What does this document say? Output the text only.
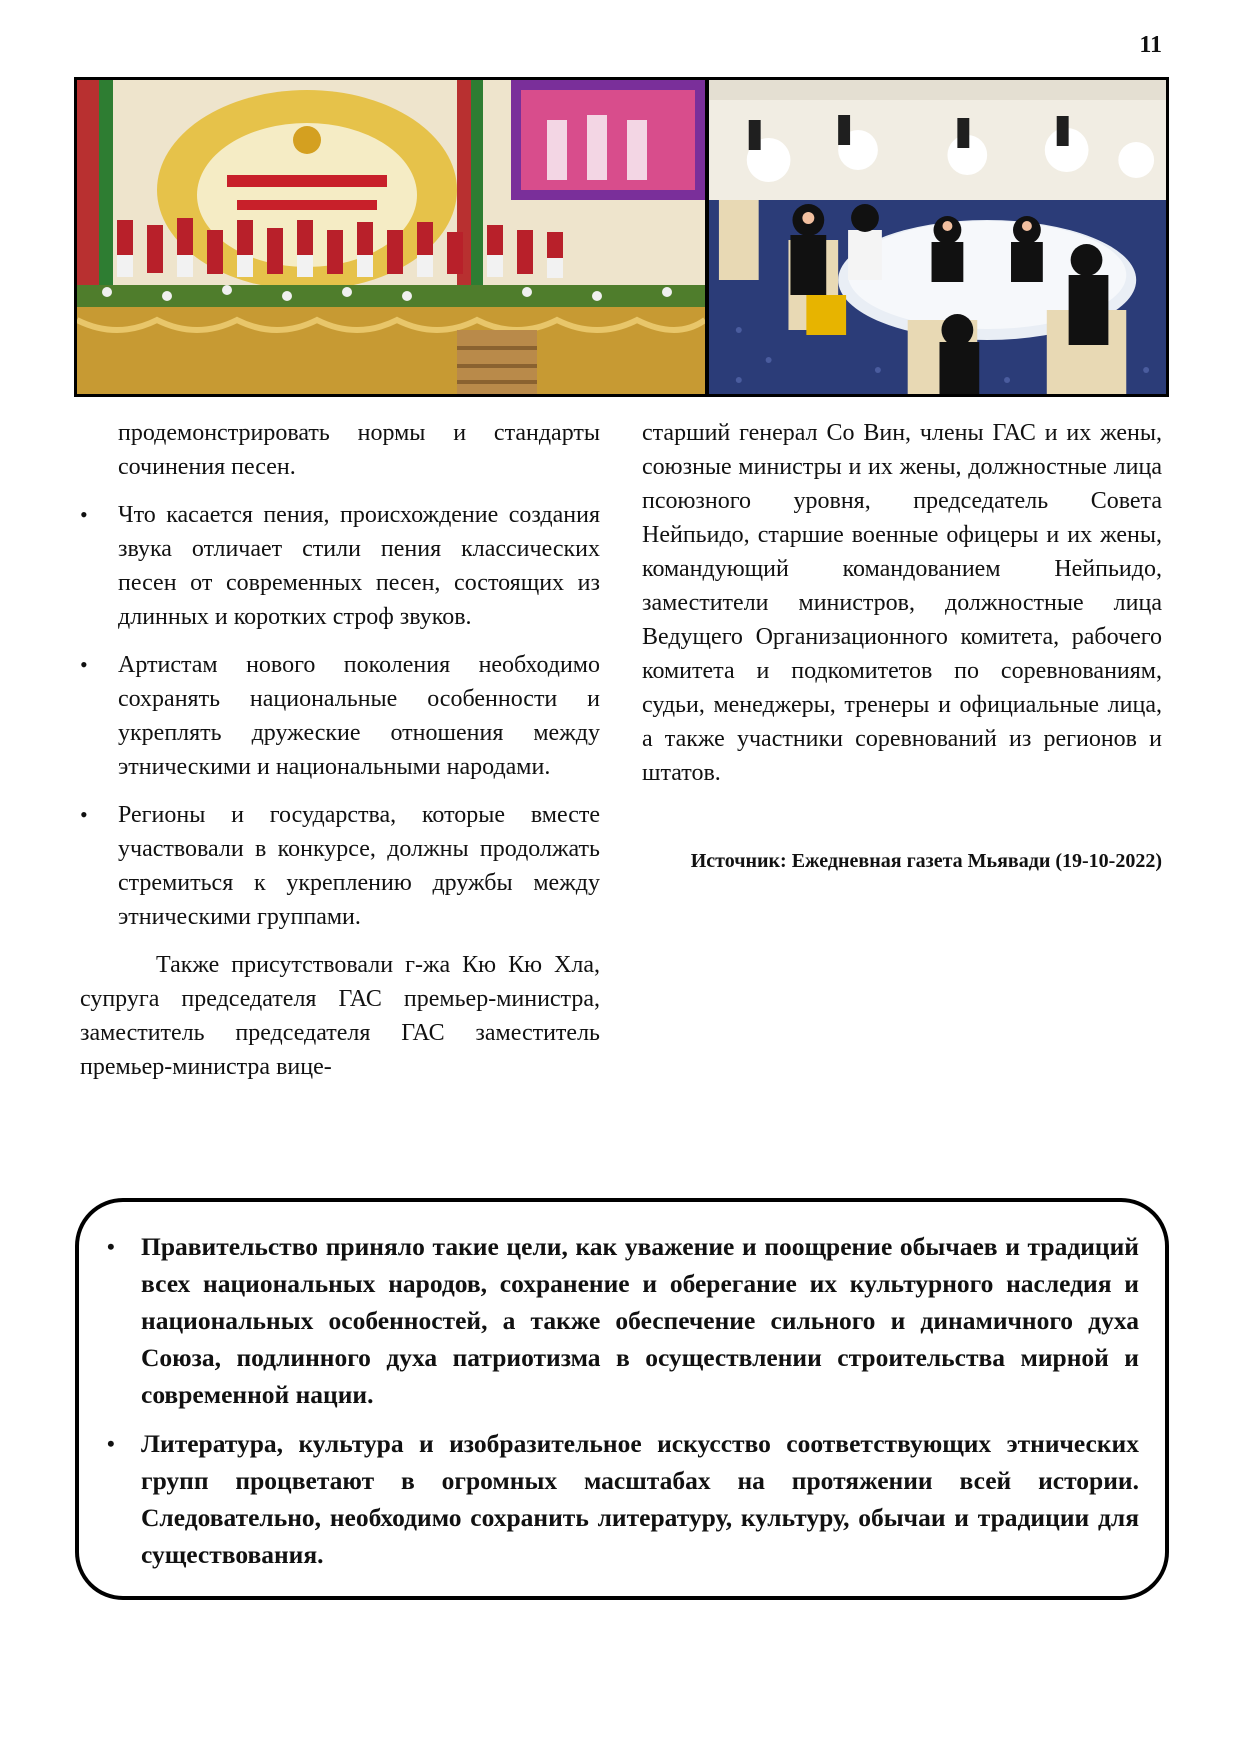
11

продемонстрировать нормы и стандарты сочинения песен.

• Что касается пения, происхождение создания звука отличает стили пения классических песен от современных песен, состоящих из длинных и коротких строф звуков.
• Артистам нового поколения необходимо сохранять национальные особенности и укреплять дружеские отношения между этническими и национальными народами.
• Регионы и государства, которые вместе участвовали в конкурсе, должны продолжать стремиться к укреплению дружбы между этническими группами.

Также присутствовали г-жа Кю Кю Хла, супруга председателя ГАС премьер-министра, заместитель председателя ГАС заместитель премьер-министра вице-

старший генерал Со Вин, члены ГАС и их жены, союзные министры и их жены, должностные лица псоюзного уровня, председатель Совета Нейпьидо, старшие военные офицеры и их жены, командующий командованием Нейпьидо, заместители министров, должностные лица Ведущего Организационного комитета, рабочего комитета и подкомитетов по соревнованиям, судьи, менеджеры, тренеры и официальные лица, а также участники соревнований из регионов и штатов.

Источник: Ежедневная газета Мьявади (19-10-2022)
• Правительство приняло такие цели, как уважение и поощрение обычаев и традиций всех национальных народов, сохранение и оберегание их культурного наследия и национальных особенностей, а также обеспечение сильного и динамичного духа Союза, подлинного духа патриотизма в осуществлении строительства мирной и современной нации.
• Литература, культура и изобразительное искусство соответствующих этнических групп процветают в огромных масштабах на протяжении всей истории. Следовательно, необходимо сохранить литературу, культуру, обычаи и традиции для существования.
